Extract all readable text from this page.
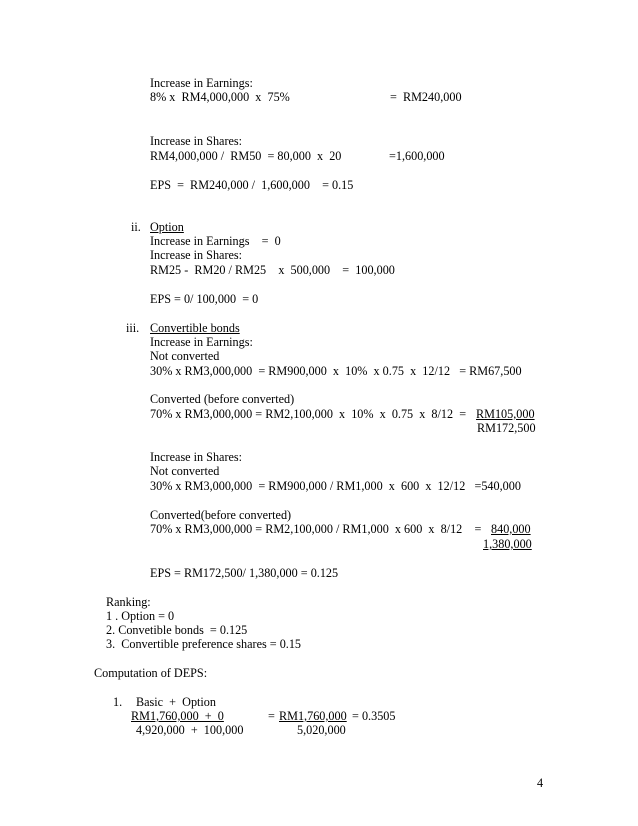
Increase in Earnings:
8% x  RM4,000,000  x  75%	=  RM240,000
Increase in Shares:
RM4,000,000 /  RM50  = 80,000  x  20	=1,600,000
EPS  =  RM240,000 /  1,600,000    = 0.15
ii. Option
Increase in Earnings    =  0
Increase in Shares:
RM25 -  RM20 / RM25    x  500,000    =  100,000
EPS = 0/ 100,000  = 0
iii. Convertible bonds
Increase in Earnings:
Not converted
30% x RM3,000,000  = RM900,000  x  10%  x 0.75  x  12/12   = RM67,500
Converted (before converted)
70% x RM3,000,000 = RM2,100,000  x  10%  x  0.75  x  8/12  = RM105,000
RM172,500
Increase in Shares:
Not converted
30% x RM3,000,000  = RM900,000 / RM1,000  x  600  x  12/12   =540,000
Converted(before converted)
70% x RM3,000,000 = RM2,100,000 / RM1,000  x 600  x  8/12    = 840,000
1,380,000
EPS = RM172,500/ 1,380,000 = 0.125
Ranking:
1 . Option = 0
2. Convetible bonds  = 0.125
3.  Convertible preference shares = 0.15
Computation of DEPS:
1. Basic  +  Option
RM1,760,000  +  0	= RM1,760,000 = 0.3505
4,920,000  +  100,000	5,020,000
4
